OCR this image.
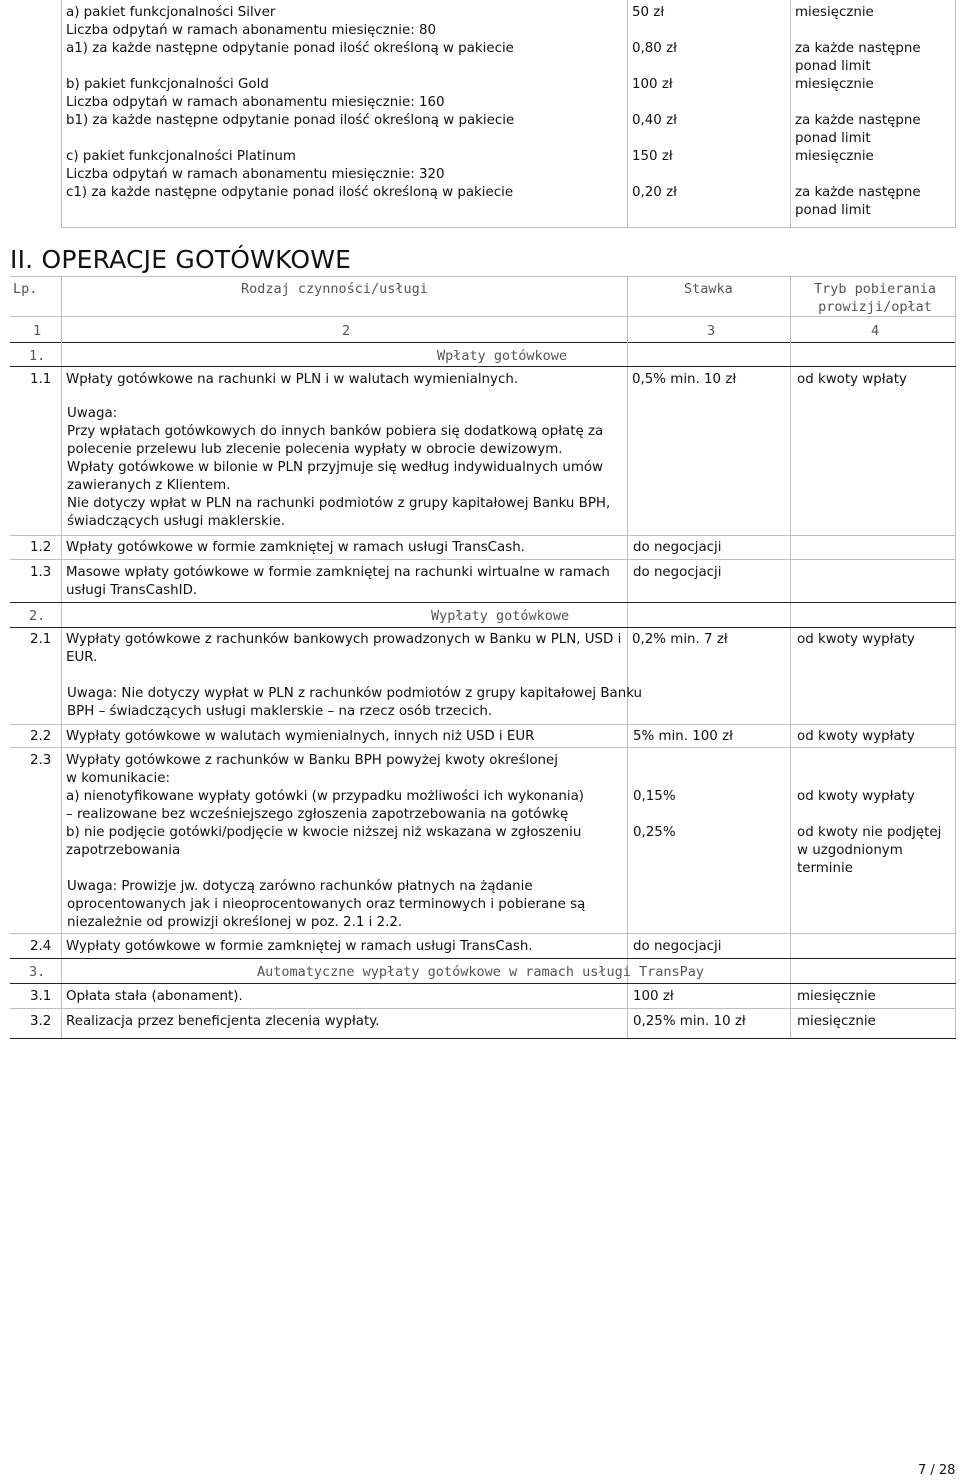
a) pakiet funkcjonalności Silver
Liczba odpytań w ramach abonamentu miesięcznie: 80
50 zł	miesięcznie
a1) za każde następne odpytanie ponad ilość określoną w pakiecie	0,80 zł	za każde następne
ponad limit
b) pakiet funkcjonalności Gold
Liczba odpytań w ramach abonamentu miesięcznie: 160
100 zł	miesięcznie
b1) za każde następne odpytanie ponad ilość określoną w pakiecie	0,40 zł	za każde następne
ponad limit
c) pakiet funkcjonalności Platinum
Liczba odpytań w ramach abonamentu miesięcznie: 320
150 zł	miesięcznie
c1) za każde następne odpytanie ponad ilość określoną w pakiecie	0,20 zł	za każde następne
ponad limit
II. OPERACJE GOTÓWKOWE
Lp.	Rodzaj czynności/usługi	Stawka	Tryb pobierania
prowizji/opłat
1	2	3	4
1.	Wpłaty gotówkowe
1.1 Wpłaty gotówkowe na rachunki w PLN i w walutach wymienialnych.	0,5% min. 10 zł	od kwoty wpłaty
Uwaga:
Przy wpłatach gotówkowych do innych banków pobiera się dodatkową opłatę za
polecenie przelewu lub zlecenie polecenia wypłaty w obrocie dewizowym.
Wpłaty gotówkowe w bilonie w PLN przyjmuje się według indywidualnych umów
zawieranych z Klientem.
Nie dotyczy wpłat w PLN na rachunki podmiotów z grupy kapitałowej Banku BPH,
świadczących usługi maklerskie.
1.2 Wpłaty gotówkowe w formie zamkniętej w ramach usługi TransCash.	do negocjacji
1.3 Masowe wpłaty gotówkowe w formie zamkniętej na rachunki wirtualne w ramach
usługi TransCashID.
do negocjacji
2.	Wypłaty gotówkowe
2.1 Wypłaty gotówkowe z rachunków bankowych prowadzonych w Banku w PLN, USD i
EUR.
0,2% min. 7 zł	od kwoty wypłaty
Uwaga: Nie dotyczy wypłat w PLN z rachunków podmiotów z grupy kapitałowej Banku
BPH – świadczących usługi maklerskie – na rzecz osób trzecich.
2.2 Wypłaty gotówkowe w walutach wymienialnych, innych niż USD i EUR	5% min. 100 zł	od kwoty wypłaty
2.3 Wypłaty gotówkowe z rachunków w Banku BPH powyżej kwoty określonej
w komunikacie:
a) nienotyfikowane wypłaty gotówki (w przypadku możliwości ich wykonania)
– realizowane bez wcześniejszego zgłoszenia zapotrzebowania na gotówkę
0,15%	od kwoty wypłaty
b) nie podjęcie gotówki/podjęcie w kwocie niższej niż wskazana w zgłoszeniu
zapotrzebowania
0,25%	od kwoty nie podjętej
w uzgodnionym
terminie
Uwaga: Prowizje jw. dotyczą zarówno rachunków płatnych na żądanie
oprocentowanych jak i nieoprocentowanych oraz terminowych i pobierane są
niezależnie od prowizji określonej w poz. 2.1 i 2.2.
2.4 Wypłaty gotówkowe w formie zamkniętej w ramach usługi TransCash.	do negocjacji
3.	Automatyczne wypłaty gotówkowe w ramach usługi TransPay
3.1 Opłata stała (abonament).	100 zł	miesięcznie
3.2 Realizacja przez beneficjenta zlecenia wypłaty.	0,25% min. 10 zł	miesięcznie
7 / 28
